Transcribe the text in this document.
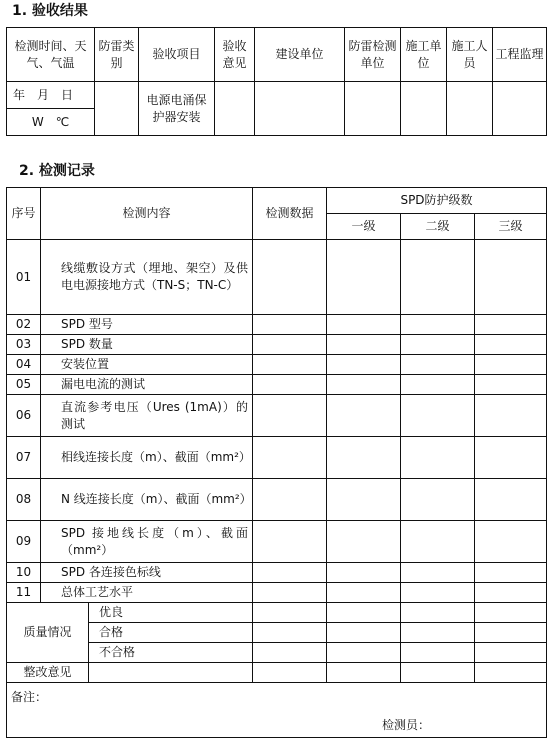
1. 验收结果
检测时间、天气、气温	防雷类别	验收项目	验收意见	建设单位	防雷检测单位	施工单位	施工人员	工程监理
年　月　日		电源电涌保护器安装						
W　℃								
2. 检测记录
序号	检测内容		检测数据	SPD防护级数		
				一级	二级	三级
01	线缆敷设方式（埋地、架空）及供电电源接地方式（TN-S；TN-C）					
02	SPD 型号					
03	SPD 数量					
04	安装位置					
05	漏电电流的测试					
06	直流参考电压（Ures (1mA)）的测试					
07	相线连接长度（m）、截面（mm²）					
08	N 线连接长度（m）、截面（mm²）					
09	SPD 接地线长度（m）、截面（mm²）					
10	SPD 各连接色标线					
11	总体工艺水平					
质量情况		优良				
		合格				
		不合格				
整改意见						

备注：
检测员：						
